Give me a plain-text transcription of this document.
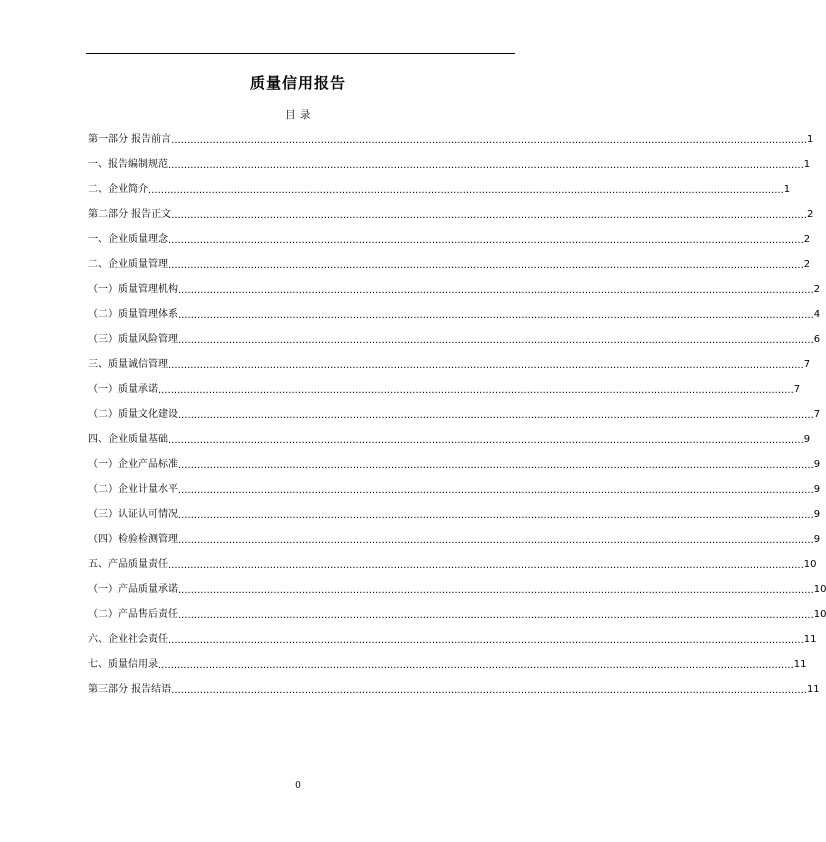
质量信用报告
目 录
第一部分 报告前言 ........................................................................................................................................................................................................ 1
一、报告编制规范 ........................................................................................................................................................................................................ 1
二、企业简介 ........................................................................................................................................................................................................ 1
第二部分 报告正文 ........................................................................................................................................................................................................ 2
一、企业质量理念 ........................................................................................................................................................................................................ 2
二、企业质量管理 ........................................................................................................................................................................................................ 2
（一）质量管理机构 ........................................................................................................................................................................................................ 2
（二）质量管理体系 ........................................................................................................................................................................................................ 4
（三）质量风险管理 ........................................................................................................................................................................................................ 6
三、质量诚信管理 ........................................................................................................................................................................................................ 7
（一）质量承诺 ........................................................................................................................................................................................................ 7
（二）质量文化建设 ........................................................................................................................................................................................................ 7
四、企业质量基础 ........................................................................................................................................................................................................ 9
（一）企业产品标准 ........................................................................................................................................................................................................ 9
（二）企业计量水平 ........................................................................................................................................................................................................ 9
（三）认证认可情况 ........................................................................................................................................................................................................ 9
（四）检验检测管理 ........................................................................................................................................................................................................ 9
五、产品质量责任 ........................................................................................................................................................................................................ 10
（一）产品质量承诺 ........................................................................................................................................................................................................ 10
（二）产品售后责任 ........................................................................................................................................................................................................ 10
六、企业社会责任 ........................................................................................................................................................................................................ 11
七、质量信用录 ........................................................................................................................................................................................................ 11
第三部分 报告结语 ........................................................................................................................................................................................................ 11
0
